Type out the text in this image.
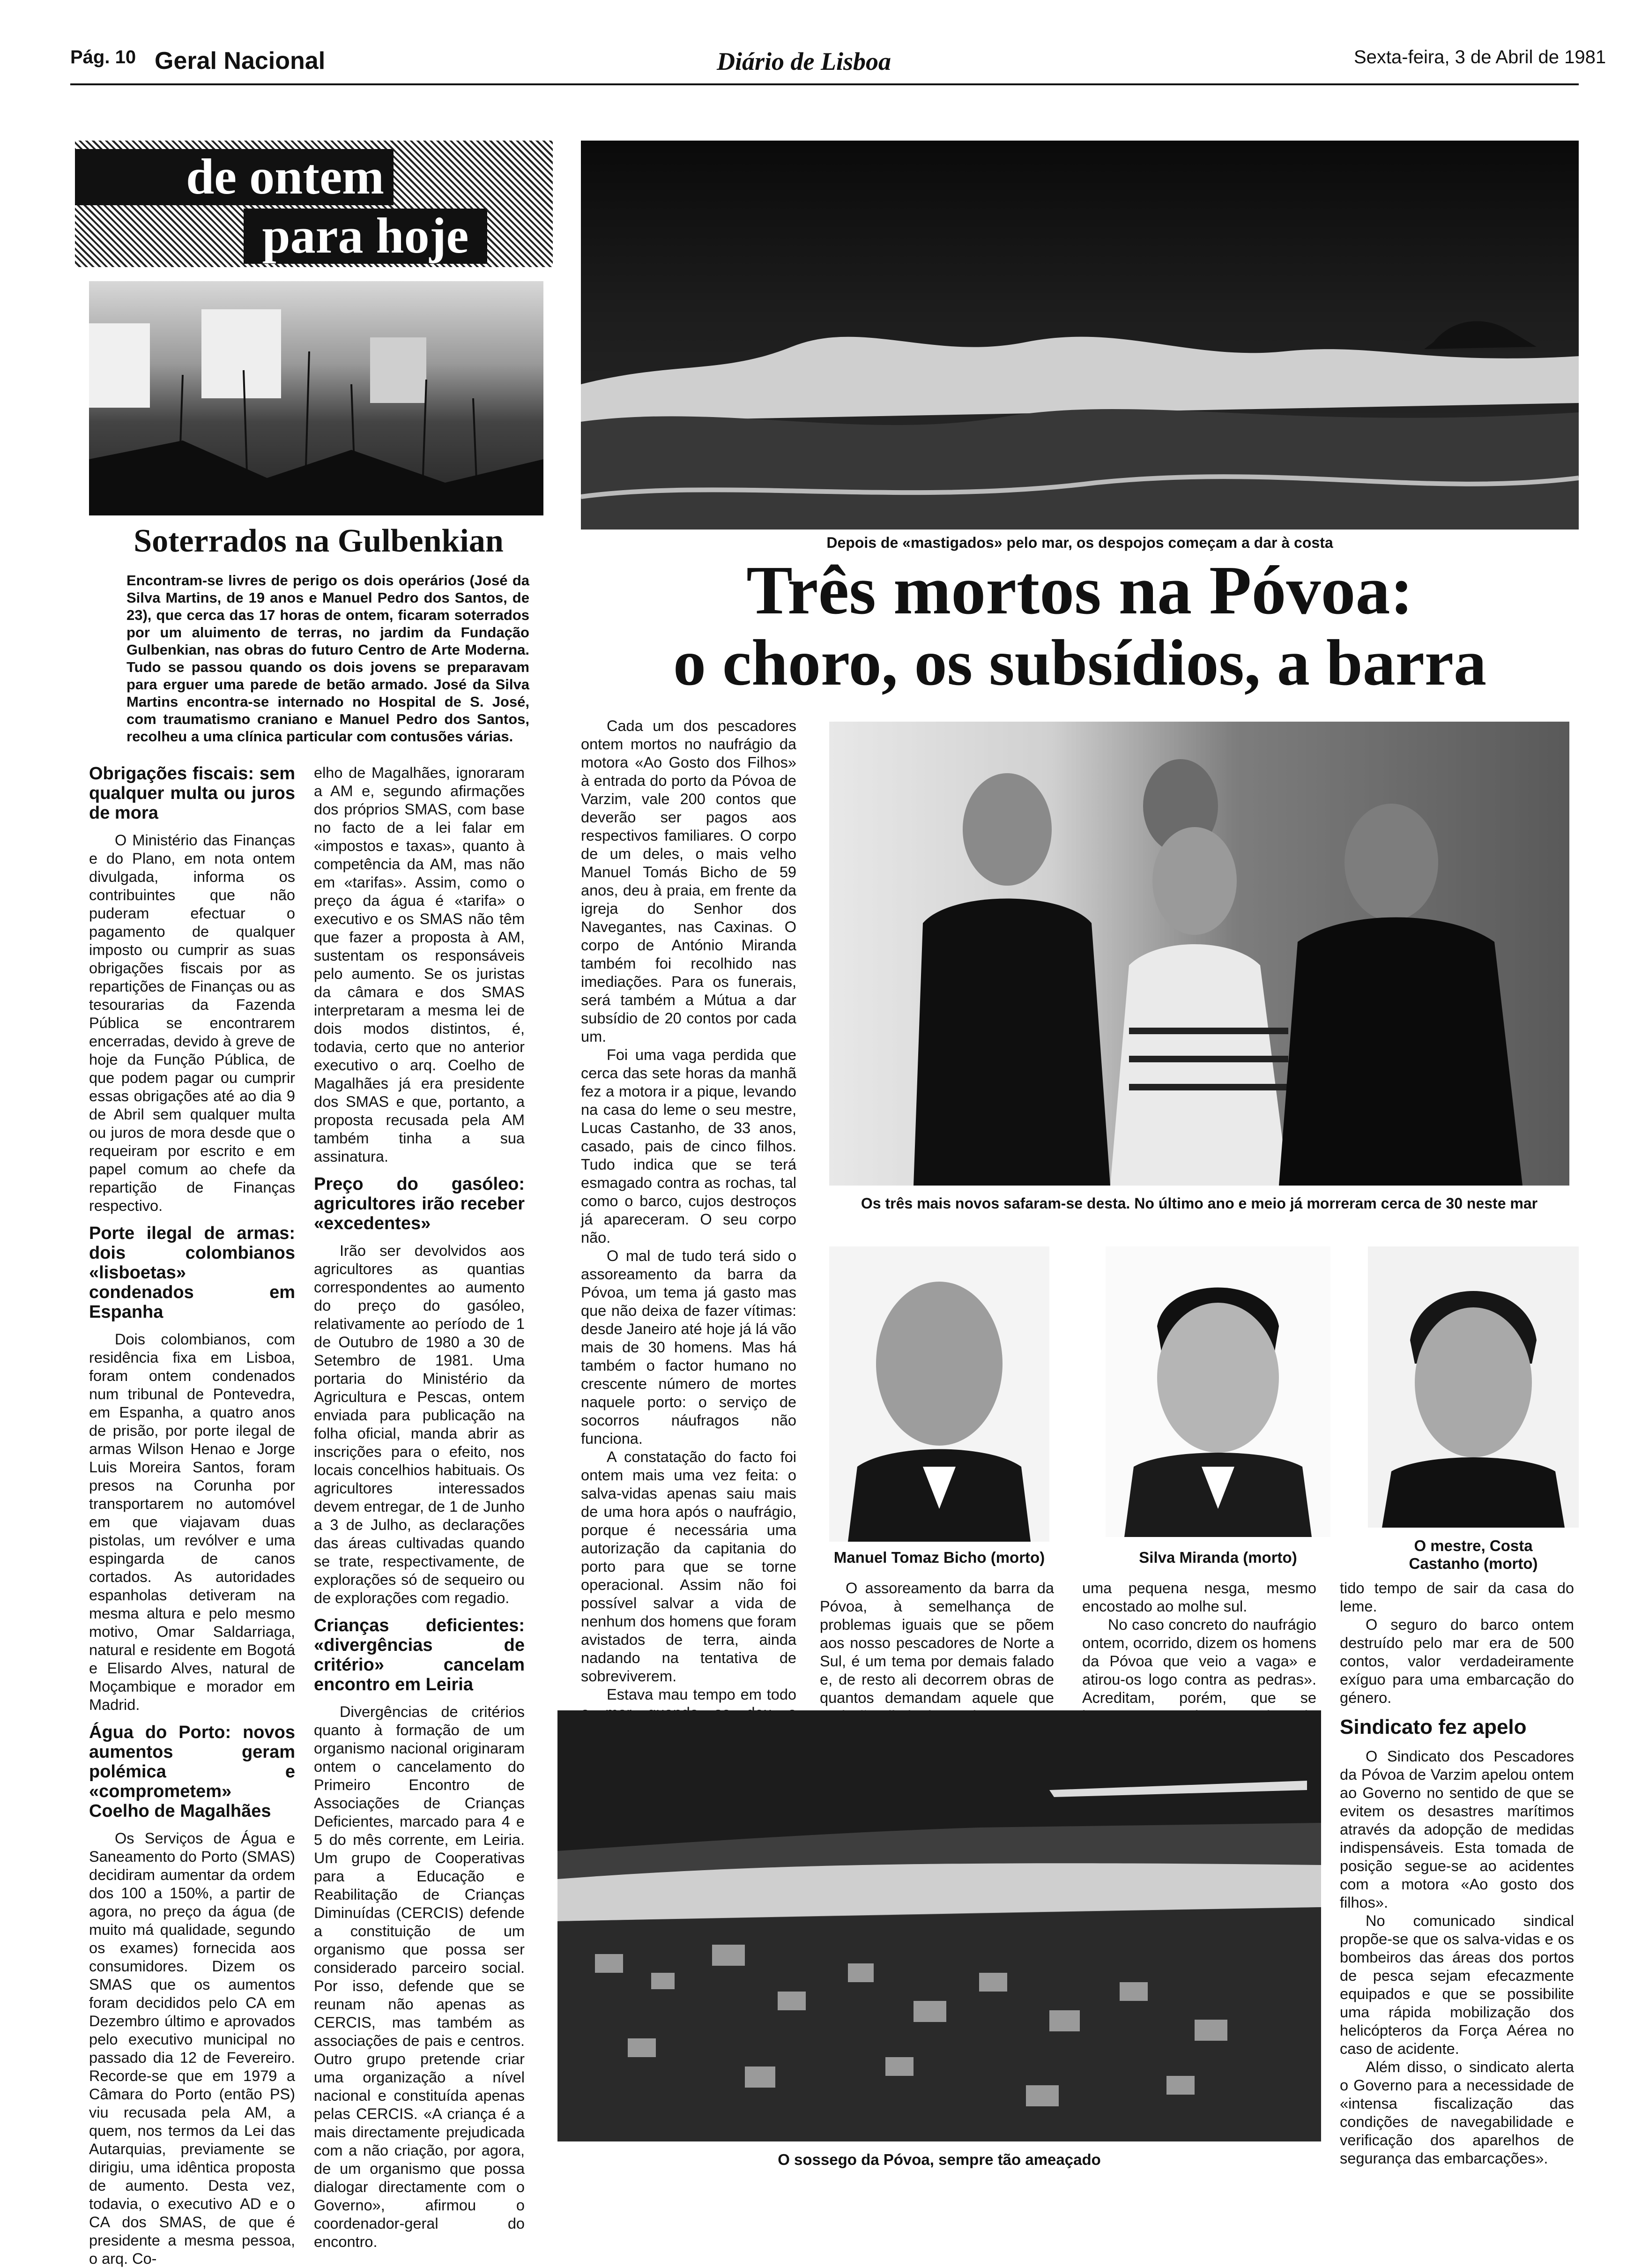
Pág. 10 Geral Nacional	Diário de Lisboa	Sexta-feira, 3 de Abril de 1981
de ontem
para hoje
Soterrados na Gulbenkian
Encontram-se livres de perigo os dois operários (José da Silva Martins, de 19 anos e Manuel Pedro dos Santos, de 23), que cerca das 17 horas de ontem, ficaram soterrados por um aluimento de terras, no jardim da Fundação Gulbenkian, nas obras do futuro Centro de Arte Moderna. Tudo se passou quando os dois jovens se preparavam para erguer uma parede de betão armado. José da Silva Martins encontra-se internado no Hospital de S. José, com traumatismo craniano e Manuel Pedro dos Santos, recolheu a uma clínica particular com contusões várias.
Obrigações fiscais: sem qualquer multa ou juros de mora

O Ministério das Finanças e do Plano, em nota ontem divulgada, informa os contribuintes que não puderam efectuar o pagamento de qualquer imposto ou cumprir as suas obrigações fiscais por as repartições de Finanças ou as tesourarias da Fazenda Pública se encontrarem encerradas, devido à greve de hoje da Função Pública, de que podem pagar ou cumprir essas obrigações até ao dia 9 de Abril sem qualquer multa ou juros de mora desde que o requeiram por escrito e em papel comum ao chefe da repartição de Finanças respectivo.

Porte ilegal de armas: dois colombianos «lisboetas» condenados em Espanha

Dois colombianos, com residência fixa em Lisboa, foram ontem condenados num tribunal de Pontevedra, em Espanha, a quatro anos de prisão, por porte ilegal de armas Wilson Henao e Jorge Luis Moreira Santos, foram presos na Corunha por transportarem no automóvel em que viajavam duas pistolas, um revólver e uma espingarda de canos cortados. As autoridades espanholas detiveram na mesma altura e pelo mesmo motivo, Omar Saldarriaga, natural e residente em Bogotá e Elisardo Alves, natural de Moçambique e morador em Madrid.

Água do Porto: novos aumentos geram polémica e «comprometem» Coelho de Magalhães

Os Serviços de Água e Saneamento do Porto (SMAS) decidiram aumentar da ordem dos 100 a 150%, a partir de agora, no preço da água (de muito má qualidade, segundo os exames) fornecida aos consumidores. Dizem os SMAS que os aumentos foram decididos pelo CA em Dezembro último e aprovados pelo executivo municipal no passado dia 12 de Fevereiro. Recorde-se que em 1979 a Câmara do Porto (então PS) viu recusada pela AM, a quem, nos termos da Lei das Autarquias, previamente se dirigiu, uma idêntica proposta de aumento. Desta vez, todavia, o executivo AD e o CA dos SMAS, de que é presidente a mesma pessoa, o arq. Co-

elho de Magalhães, ignoraram a AM e, segundo afirmações dos próprios SMAS, com base no facto de a lei falar em «impostos e taxas», quanto à competência da AM, mas não em «tarifas». Assim, como o preço da água é «tarifa» o executivo e os SMAS não têm que fazer a proposta à AM, sustentam os responsáveis pelo aumento. Se os juristas da câmara e dos SMAS interpretaram a mesma lei de dois modos distintos, é, todavia, certo que no anterior executivo o arq. Coelho de Magalhães já era presidente dos SMAS e que, portanto, a proposta recusada pela AM também tinha a sua assinatura.

Preço do gasóleo: agricultores irão receber «excedentes»

Irão ser devolvidos aos agricultores as quantias correspondentes ao aumento do preço do gasóleo, relativamente ao período de 1 de Outubro de 1980 a 30 de Setembro de 1981. Uma portaria do Ministério da Agricultura e Pescas, ontem enviada para publicação na folha oficial, manda abrir as inscrições para o efeito, nos locais concelhios habituais. Os agricultores interessados devem entregar, de 1 de Junho a 3 de Julho, as declarações das áreas cultivadas quando se trate, respectivamente, de explorações só de sequeiro ou de explorações com regadio.

Crianças deficientes: «divergências de critério» cancelam encontro em Leiria

Divergências de critérios quanto à formação de um organismo nacional originaram ontem o cancelamento do Primeiro Encontro de Associações de Crianças Deficientes, marcado para 4 e 5 do mês corrente, em Leiria. Um grupo de Cooperativas para a Educação e Reabilitação de Crianças Diminuídas (CERCIS) defende a constituição de um organismo que possa ser considerado parceiro social. Por isso, defende que se reunam não apenas as CERCIS, mas também as associações de pais e centros. Outro grupo pretende criar uma organização a nível nacional e constituída apenas pelas CERCIS. «A criança é a mais directamente prejudicada com a não criação, por agora, de um organismo que possa dialogar directamente com o Governo», afirmou o coordenador-geral do encontro.

Depois de «mastigados» pelo mar, os despojos começam a dar à costa
Três mortos na Póvoa:
o choro, os subsídios, a barra

Cada um dos pescadores ontem mortos no naufrágio da motora «Ao Gosto dos Filhos» à entrada do porto da Póvoa de Varzim, vale 200 contos que deverão ser pagos aos respectivos familiares. O corpo de um deles, o mais velho Manuel Tomás Bicho de 59 anos, deu à praia, em frente da igreja do Senhor dos Navegantes, nas Caxinas. O corpo de António Miranda também foi recolhido nas imediações. Para os funerais, será também a Mútua a dar subsídio de 20 contos por cada um.

Foi uma vaga perdida que cerca das sete horas da manhã fez a motora ir a pique, levando na casa do leme o seu mestre, Lucas Castanho, de 33 anos, casado, pais de cinco filhos. Tudo indica que se terá esmagado contra as rochas, tal como o barco, cujos destroços já apareceram. O seu corpo não.

O mal de tudo terá sido o assoreamento da barra da Póvoa, um tema já gasto mas que não deixa de fazer vítimas: desde Janeiro até hoje já lá vão mais de 30 homens. Mas há também o factor humano no crescente número de mortes naquele porto: o serviço de socorros náufragos não funciona.

A constatação do facto foi ontem mais uma vez feita: o salva-vidas apenas saiu mais de uma hora após o naufrágio, porque é necessária uma autorização da capitania do porto para que se torne operacional. Assim não foi possível salvar a vida de nenhum dos homens que foram avistados de terra, ainda nadando na tentativa de sobreviverem.

Estava mau tempo em todo

Os três mais novos safaram-se desta. No último ano e meio já morreram cerca de 30 neste mar
Manuel Tomaz Bicho (morto)	Silva Miranda (morto)
O mestre, Costa Castanho (morto)

O assoreamento da barra da Póvoa, à semelhança de problemas iguais que se põem aos nosso pescadores de Norte a Sul, é um tema por demais falado e, de resto ali decorrem obras de quantos demandam aquele que

uma pequena nesga, mesmo encostado ao molhe sul.

No caso concreto do naufrágio ontem, ocorrido, dizem os homens da Póvoa que veio a vaga» e atirou-os logo contra as pedras». Acreditam, porém, que se

O sossego da Póvoa, sempre tão ameaçado

tido tempo de sair da casa do leme.

O seguro do barco ontem destruído pelo mar era de 500 contos, valor verdadeiramente exíguo para uma embarcação do género.

Sindicato fez apelo

O Sindicato dos Pescadores da Póvoa de Varzim apelou ontem ao Governo no sentido de que se evitem os desastres marítimos através da adopção de medidas indispensáveis. Esta tomada de posição segue-se ao acidentes com a motora «Ao gosto dos filhos».

No comunicado sindical propõe-se que os salva-vidas e os bombeiros das áreas dos portos de pesca sejam efecazmente equipados e que se possibilite uma rápida mobilização dos helicópteros da Força Aérea no caso de acidente.

Além disso, o sindicato alerta o Governo para a necessidade de «intensa fiscalização das condições de navegabilidade e verificação dos aparelhos de segurança das embarcações».
